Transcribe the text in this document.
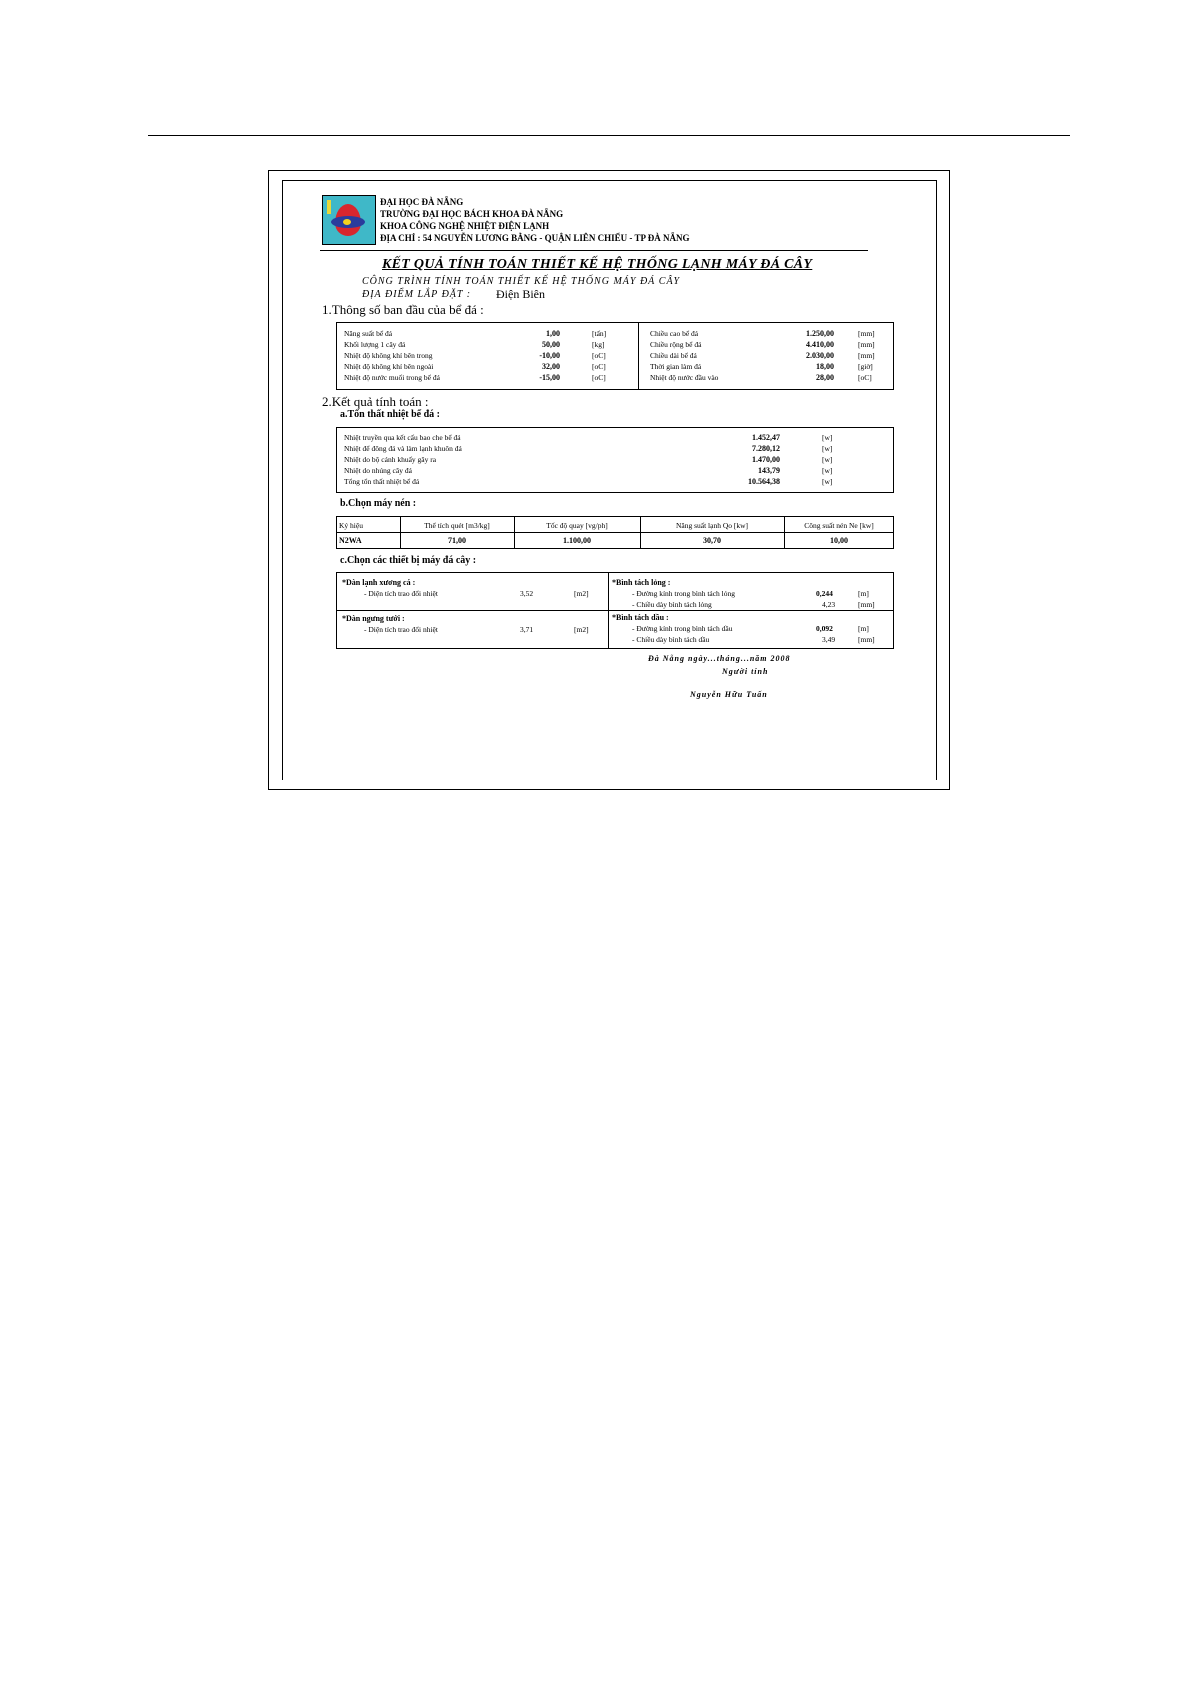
ĐẠI HỌC ĐÀ NẴNG
TRƯỜNG ĐẠI HỌC BÁCH KHOA ĐÀ NẴNG
KHOA CÔNG NGHỆ NHIỆT ĐIỆN LẠNH
ĐỊA CHỈ : 54 NGUYỄN LƯƠNG BẰNG - QUẬN LIÊN CHIỂU - TP ĐÀ NẴNG
KẾT QUẢ TÍNH TOÁN THIẾT KẾ HỆ THỐNG LẠNH MÁY ĐÁ CÂY
CÔNG TRÌNH TÍNH TOÁN THIẾT KẾ HỆ THỐNG MÁY ĐÁ CÂY
ĐỊA ĐIỂM LẮP ĐẶT : Điện Biên
1.Thông số ban đầu của bể đá :
Năng suất bể đá	1,00	[tấn]
Khối lượng 1 cây đá	50,00	[kg]
Nhiệt độ không khí bên trong	-10,00	[oC]
Nhiệt độ không khí bên ngoài	32,00	[oC]
Nhiệt độ nước muối trong bể đá	-15,00	[oC]
Chiều cao bể đá	1.250,00	[mm]
Chiều rộng bể đá	4.410,00	[mm]
Chiều dài bể đá	2.030,00	[mm]
Thời gian làm đá	18,00	[giờ]
Nhiệt độ nước đầu vào	28,00	[oC]
2.Kết quả tính toán :
a.Tổn thất nhiệt bể đá :
Nhiệt truyền qua kết cấu bao che bể đá	1.452,47	[w]
Nhiệt để đông đá và làm lạnh khuôn đá	7.280,12	[w]
Nhiệt do bộ cánh khuấy gây ra	1.470,00	[w]
Nhiệt do nhúng cây đá	143,79	[w]
Tổng tổn thất nhiệt bể đá	10.564,38	[w]
b.Chọn máy nén :
Ký hiệu	Thể tích quét [m3/kg]	Tốc độ quay [vg/ph]	Năng suất lạnh Qo [kw]	Công suất nén Ne [kw]
N2WA	71,00	1.100,00	30,70	10,00
c.Chọn các thiết bị máy đá cây :
*Dàn lạnh xương cá :
- Diện tích trao đổi nhiệt	3,52	[m2]
*Dàn ngưng tưới :
- Diện tích trao đổi nhiệt	3,71	[m2]
*Bình tách lỏng :
- Đường kính trong bình tách lỏng	0,244	[m]
- Chiều dày bình tách lỏng	4,23	[mm]
*Bình tách dầu :
- Đường kính trong bình tách dầu	0,092	[m]
- Chiều dày bình tách dầu	3,49	[mm]
Đà Nẵng ngày...tháng...năm 2008
Người tính
Nguyễn Hữu Tuấn
